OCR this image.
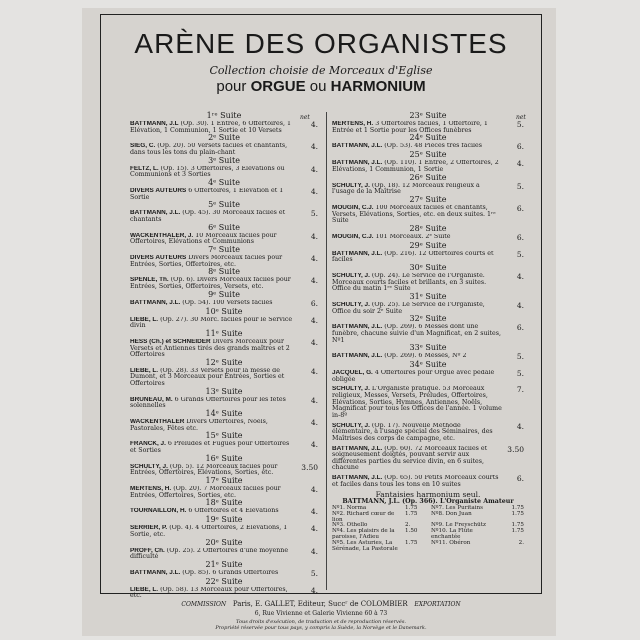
ARÈNE DES ORGANISTES
Collection choisie de Morceaux d'Eglise
pour ORGUE ou HARMONIUM
net	net
1ʳᵉ Suite
BATTMANN, J.L (Op. 30). 1 Entrée, 6 Offertoires, 1 Elévation, 1 Communion, 1 Sortie et 10 Versets
4.
2ᵉ Suite
SIEG, C. (Op. 20). 50 Versets faciles et chantants, dans tous les tons du plain-chant
4.
3ᵉ Suite
FELTZ, L. (Op. 15). 3 Offertoires, 3 Elévations ou Communions et 3 Sorties
4.
4ᵉ Suite
DIVERS AUTEURS 6 Offertoires, 1 Elévation et 1 Sortie
4.
5ᵉ Suite
BATTMANN, J.L. (Op. 45). 30 Morceaux faciles et chantants
5.
6ᵉ Suite
WACKENTHALER, J. 10 Morceaux faciles pour Offertoires, Elévations et Communions
4.
7ᵉ Suite
DIVERS AUTEURS Divers Morceaux faciles pour Entrées, Sorties, Offertoires, etc.
4.
8ᵉ Suite
SPENLÉ, Th. (Op. 6). Divers Morceaux faciles pour Entrées, Sorties, Offertoires, Versets, etc.
4.
9ᵉ Suite
BATTMANN, J.L. (Op. 54). 100 Versets faciles	6.
10ᵉ Suite
LIEBÉ, L. (Op. 27). 30 Morc. faciles pour le Service divin
4.
11ᵉ Suite
HESS (Ch.) et SCHNEIDER Divers Morceaux pour Versets et Antiennes tirés des grands maîtres et 2 Offertoires
4.
12ᵉ Suite
LIEBÉ, L. (Op. 28). 33 Versets pour la messe de Dumont, et 3 Morceaux pour Entrées, Sorties et Offertoires
4.
13ᵉ Suite
BRUNEAU, M. 6 Grands Offertoires pour les fêtes solennelles
4.
14ᵉ Suite
WACKENTHALER Divers Offertoires, Noëls, Pastorales, Fêtes etc.
4.
15ᵉ Suite
FRANCK, J. 6 Préludes et Fugues pour Offertoires et Sorties
4.
16ᵉ Suite
SCHULTY, J. (Op. 5). 12 Morceaux faciles pour Entrées, Offertoires, Elévations, Sorties, etc.
3.50
17ᵉ Suite
MERTENS, H. (Op. 20). 7 Morceaux faciles pour Entrées, Offertoires, Sorties, etc.
4.
18ᵉ Suite
TOURNAILLON, H. 6 Offertoires et 4 Elévations	4.
19ᵉ Suite
SERRIER, P. (Op. 4). 4 Offertoires, 2 Elévations, 1 Sortie, etc.
4.
20ᵉ Suite
PROFF, Ch. (Op. 25). 2 Offertoires d'une moyenne difficulté
4.
21ᵉ Suite
BATTMANN, J.L. (Op. 85). 6 Grands Offertoires	5.
22ᵉ Suite
LIEBÉ, L. (Op. 58). 13 Morceaux pour Offertoires, etc.
4.
23ᵉ Suite
MERTENS, H. 3 Offertoires faciles, 1 Offertoire, 1 Entrée et 1 Sortie pour les Offices funèbres
5.
24ᵉ Suite
BATTMANN, J.L. (Op. 53). 48 Pièces très faciles	6.
25ᵉ Suite
BATTMANN, J.L. (Op. 110). 1 Entrée, 2 Offertoires, 2 Elévations, 1 Communion, 1 Sortie
4.
26ᵉ Suite
SCHULTY, J. (Op. 18). 12 Morceaux religieux à l'usage de la Maîtrise
5.
27ᵉ Suite
MOUGIN, C.J. 100 Morceaux faciles et chantants, Versets, Elévations, Sorties, etc. en deux suites. 1ʳᵉ Suite
6.
28ᵉ Suite
MOUGIN, C.J. 101 Morceaux. 2ᵉ Suite	6.
29ᵉ Suite
BATTMANN, J.L. (Op. 216). 12 Offertoires courts et faciles
5.
30ᵉ Suite
SCHULTY, J. (Op. 24). Le Service de l'Organiste. Morceaux courts faciles et brillants, en 3 suites. Office du matin 1ʳᵉ Suite
4.
31ᵉ Suite
SCHULTY, J. (Op. 25). Le Service de l'Organiste, Office du soir 2ᵉ Suite
4.
32ᵉ Suite
BATTMANN, J.L. (Op. 269). 6 Messes dont une funèbre, chacune suivie d'un Magnificat, en 2 suites, Nº1
6.
33ᵉ Suite
BATTMANN, J.L. (Op. 269). 6 Messes, Nº 2	5.
34ᵉ Suite
JACQUEL, G. 4 Offertoires pour Orgue avec pédale obligée
5.
SCHULTY, J. L'Organiste pratique. 53 Morceaux religieux, Messes, Versets, Préludes, Offertoires, Elévations, Sorties, Hymnes, Antiennes, Noëls, Magnificat pour tous les Offices de l'année. 1 volume in-8º
7.
SCHULTY, J. (Op. 17). Nouvelle Méthode élémentaire, à l'usage spécial des Séminaires, des Maîtrises des corps de campagne, etc.
4.
BATTMANN, J.L. (Op. 60). 72 Morceaux faciles et soigneusement doigtés, pouvant servir aux différentes parties du service divin, en 6 suites, chacune
3.50
BATTMANN, J.L. (Op. 65). 50 Petits Morceaux courts et faciles dans tous les tons en 10 suites
6.
Fantaisies harmonium seul.
BATTMANN, J.L. (Op. 366). L'Organiste Amateur
Nº1. Norma	1.75	Nº7. Les Puritains	1.75
Nº2. Richard cœur de lion
1.75	Nº8. Don Juan	1.75
Nº3. Othello	2.	Nº9. Le Freyschütz	1.75
Nº4. Les plaisirs de la paroisse, l'Adieu
1.50	Nº10. La Flûte enchantée
1.75
Nº5. Les Asturies, La Sérénade, La Pastorale
1.75	Nº11. Obéron	2.
COMMISSION Paris, E. GALLET, Editeur, Succʳ de COLOMBIER EXPORTATION
6, Rue Vivienne et Galerie Vivienne 60 à 73
Tous droits d'exécution, de traduction et de reproduction réservés.
Propriété réservée pour tous pays, y compris la Suède, la Norvège et le Danemark.
